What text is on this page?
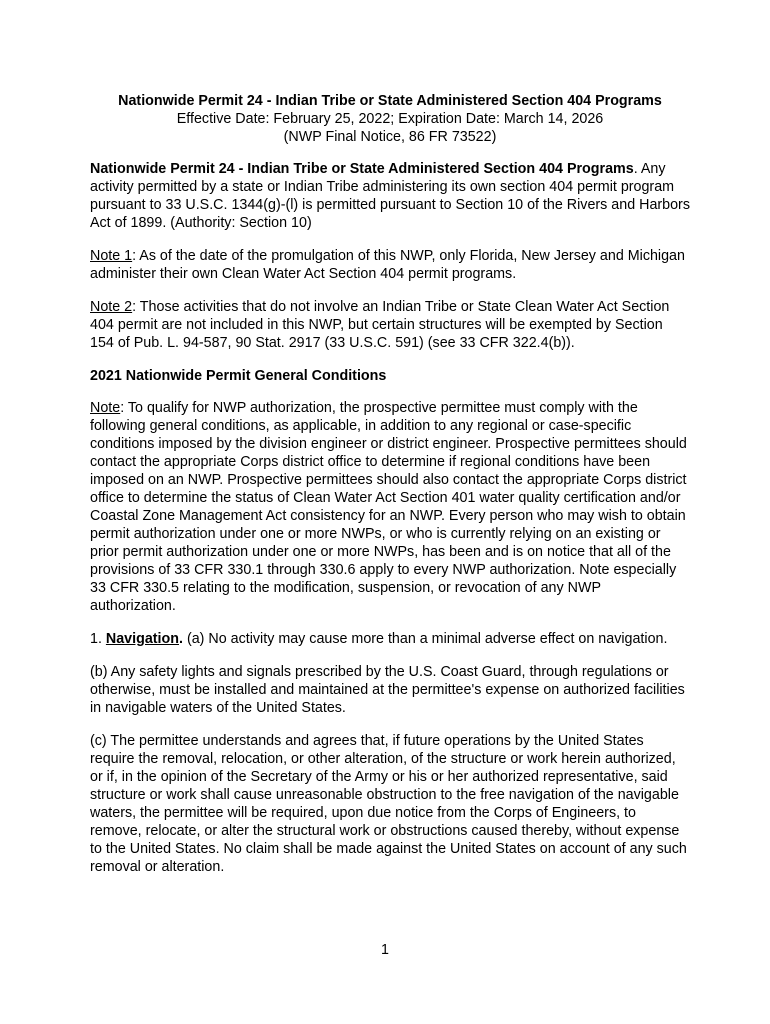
Nationwide Permit 24 - Indian Tribe or State Administered Section 404 Programs
Effective Date: February 25, 2022; Expiration Date: March 14, 2026
(NWP Final Notice, 86 FR 73522)

Nationwide Permit 24 - Indian Tribe or State Administered Section 404 Programs. Any activity permitted by a state or Indian Tribe administering its own section 404 permit program pursuant to 33 U.S.C. 1344(g)-(l) is permitted pursuant to Section 10 of the Rivers and Harbors Act of 1899. (Authority: Section 10)

Note 1: As of the date of the promulgation of this NWP, only Florida, New Jersey and Michigan administer their own Clean Water Act Section 404 permit programs.

Note 2: Those activities that do not involve an Indian Tribe or State Clean Water Act Section 404 permit are not included in this NWP, but certain structures will be exempted by Section 154 of Pub. L. 94-587, 90 Stat. 2917 (33 U.S.C. 591) (see 33 CFR 322.4(b)).

2021 Nationwide Permit General Conditions

Note: To qualify for NWP authorization, the prospective permittee must comply with the following general conditions, as applicable, in addition to any regional or case-specific conditions imposed by the division engineer or district engineer. Prospective permittees should contact the appropriate Corps district office to determine if regional conditions have been imposed on an NWP. Prospective permittees should also contact the appropriate Corps district office to determine the status of Clean Water Act Section 401 water quality certification and/or Coastal Zone Management Act consistency for an NWP. Every person who may wish to obtain permit authorization under one or more NWPs, or who is currently relying on an existing or prior permit authorization under one or more NWPs, has been and is on notice that all of the provisions of 33 CFR 330.1 through 330.6 apply to every NWP authorization. Note especially 33 CFR 330.5 relating to the modification, suspension, or revocation of any NWP authorization.

1. Navigation. (a) No activity may cause more than a minimal adverse effect on navigation.

(b) Any safety lights and signals prescribed by the U.S. Coast Guard, through regulations or otherwise, must be installed and maintained at the permittee's expense on authorized facilities in navigable waters of the United States.

(c) The permittee understands and agrees that, if future operations by the United States require the removal, relocation, or other alteration, of the structure or work herein authorized, or if, in the opinion of the Secretary of the Army or his or her authorized representative, said structure or work shall cause unreasonable obstruction to the free navigation of the navigable waters, the permittee will be required, upon due notice from the Corps of Engineers, to remove, relocate, or alter the structural work or obstructions caused thereby, without expense to the United States. No claim shall be made against the United States on account of any such removal or alteration.

1
